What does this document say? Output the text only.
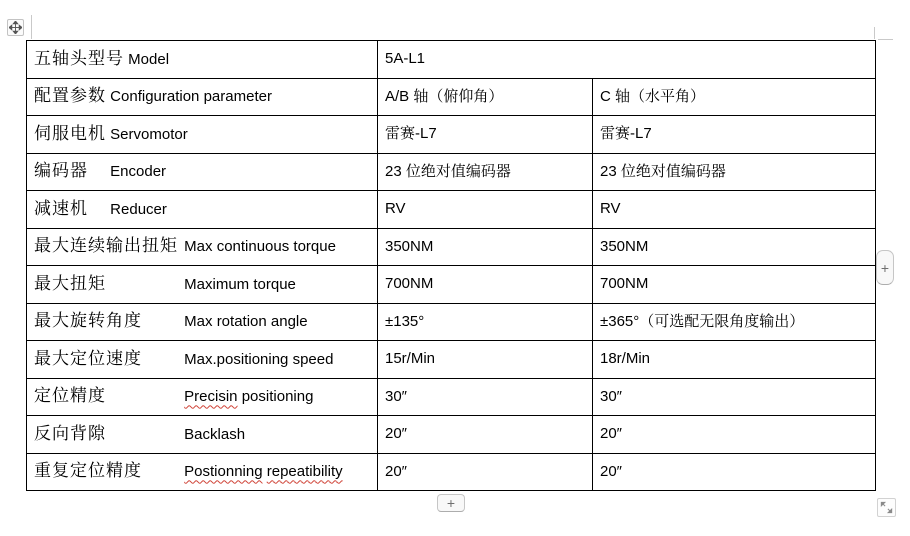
五轴头型号 Model	5A-L1	
配置参数 Configuration parameter	A/B 轴（俯仰角）	C 轴（水平角）
伺服电机 Servomotor	雷赛-L7	雷赛-L7
编码器 Encoder	23 位绝对值编码器	23 位绝对值编码器
减速机 Reducer	RV	RV
最大连续输出扭矩 Max continuous torque	350NM	350NM
最大扭矩 Maximum torque	700NM	700NM
最大旋转角度 Max rotation angle	±135°	±365°（可选配无限角度输出）
最大定位速度 Max.positioning speed	15r/Min	18r/Min
定位精度 Precisin positioning	30″	30″
反向背隙 Backlash	20″	20″
重复定位精度 Postionning repeatibility	20″	20″
+
+
